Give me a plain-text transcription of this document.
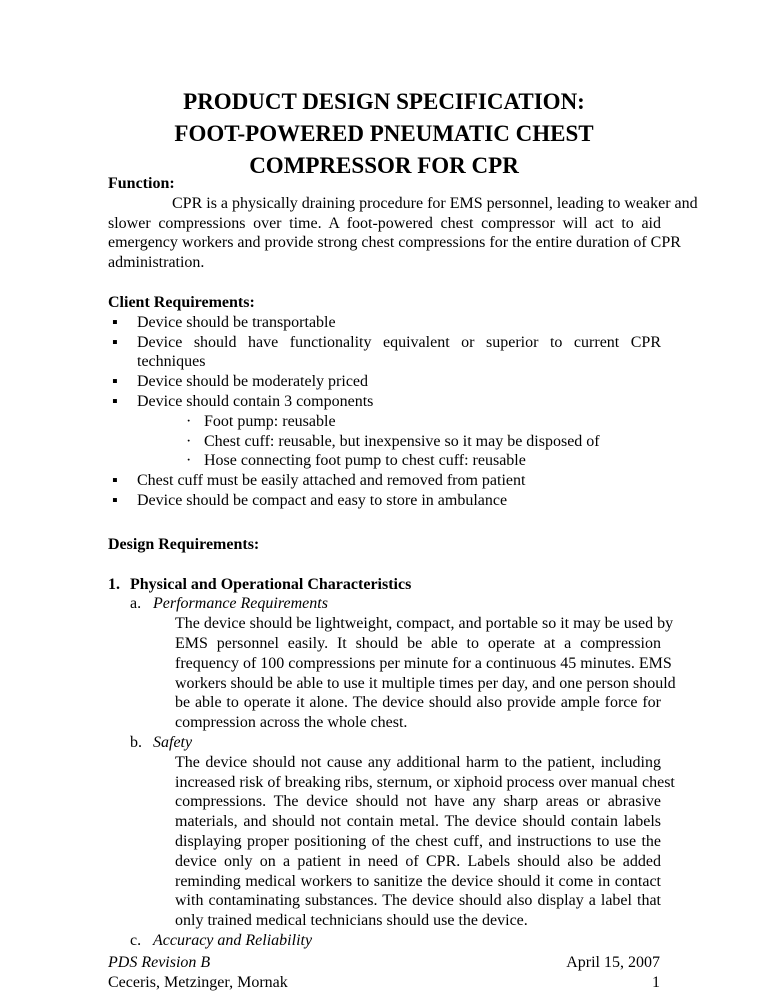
PRODUCT DESIGN SPECIFICATION:
FOOT-POWERED PNEUMATIC CHEST
COMPRESSOR FOR CPR
Function:
CPR is a physically draining procedure for EMS personnel, leading to weaker and
slower compressions over time. A foot-powered chest compressor will act to aid
emergency workers and provide strong chest compressions for the entire duration of CPR
administration.
Client Requirements:
▪ Device should be transportable
▪ Device should have functionality equivalent or superior to current CPR
techniques
▪ Device should be moderately priced
▪ Device should contain 3 components
· Foot pump: reusable
· Chest cuff: reusable, but inexpensive so it may be disposed of
· Hose connecting foot pump to chest cuff: reusable
▪ Chest cuff must be easily attached and removed from patient
▪ Device should be compact and easy to store in ambulance
Design Requirements:
1. Physical and Operational Characteristics
a. Performance Requirements
The device should be lightweight, compact, and portable so it may be used by
EMS personnel easily. It should be able to operate at a compression
frequency of 100 compressions per minute for a continuous 45 minutes. EMS
workers should be able to use it multiple times per day, and one person should
be able to operate it alone. The device should also provide ample force for
compression across the whole chest.
b. Safety
The device should not cause any additional harm to the patient, including
increased risk of breaking ribs, sternum, or xiphoid process over manual chest
compressions. The device should not have any sharp areas or abrasive
materials, and should not contain metal. The device should contain labels
displaying proper positioning of the chest cuff, and instructions to use the
device only on a patient in need of CPR. Labels should also be added
reminding medical workers to sanitize the device should it come in contact
with contaminating substances. The device should also display a label that
only trained medical technicians should use the device.
c. Accuracy and Reliability
PDS Revision B
Ceceris, Metzinger, Mornak
April 15, 2007
1
